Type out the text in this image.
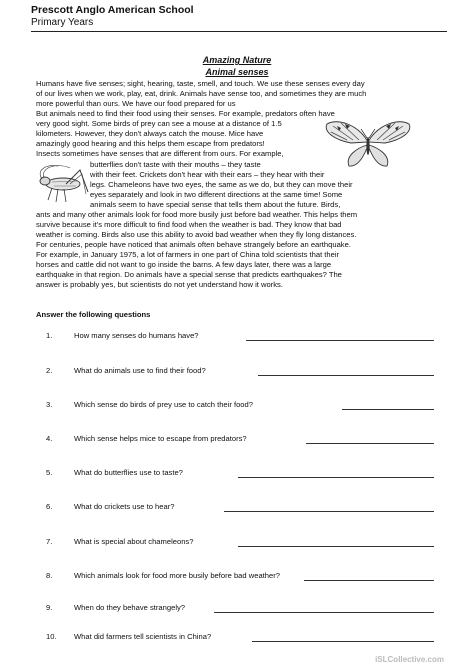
Prescott Anglo American School
Primary Years
Amazing Nature
Animal senses
Humans have five senses; sight, hearing, taste, smell, and touch. We use these senses every day
of our lives when we work, play, eat, drink. Animals have sense too, and sometimes they are much
more powerful than ours. We have our food prepared for us
But animals need to find their food using their senses. For example, predators often have
very good sight. Some birds of prey can see a mouse at a distance of 1.5
kilometers. However, they don't always catch the mouse. Mice have
amazingly good hearing and this helps them escape from predators!
Insects sometimes have senses that are different from ours. For example,
butterflies don't taste with their mouths – they taste
with their feet. Crickets don't hear with their ears – they hear with their
legs. Chameleons have two eyes, the same as we do, but they can move their
eyes separately and look in two different directions at the same time! Some
animals seem to have special sense that tells them about the future. Birds,
ants and many other animals look for food more busily just before bad weather. This helps them
survive because it's more difficult to find food when the weather is bad. They know that bad
weather is coming. Birds also use this ability to avoid bad weather when they fly long distances.
For centuries, people have noticed that animals often behave strangely before an earthquake.
For example, in January 1975, a lot of farmers in one part of China told scientists that their
horses and cattle did not want to go inside the barns. A few days later, there was a large
earthquake in that region. Do animals have a special sense that predicts earthquakes? The
answer is probably yes, but scientists do not yet understand how it works.
Answer the following questions
1.	How many senses do humans have?
2.	What do animals use to find their food?
3.	Which sense do birds of prey use to catch their food?
4.	Which sense helps mice to escape from predators?
5.	What do butterflies use to taste?
6.	What do crickets use to hear?
7.	What is special about chameleons?
8.	Which animals look for food more busily before bad weather?
9.	When do they behave strangely?
10. What did farmers tell scientists in China?
iSLCollective.com
